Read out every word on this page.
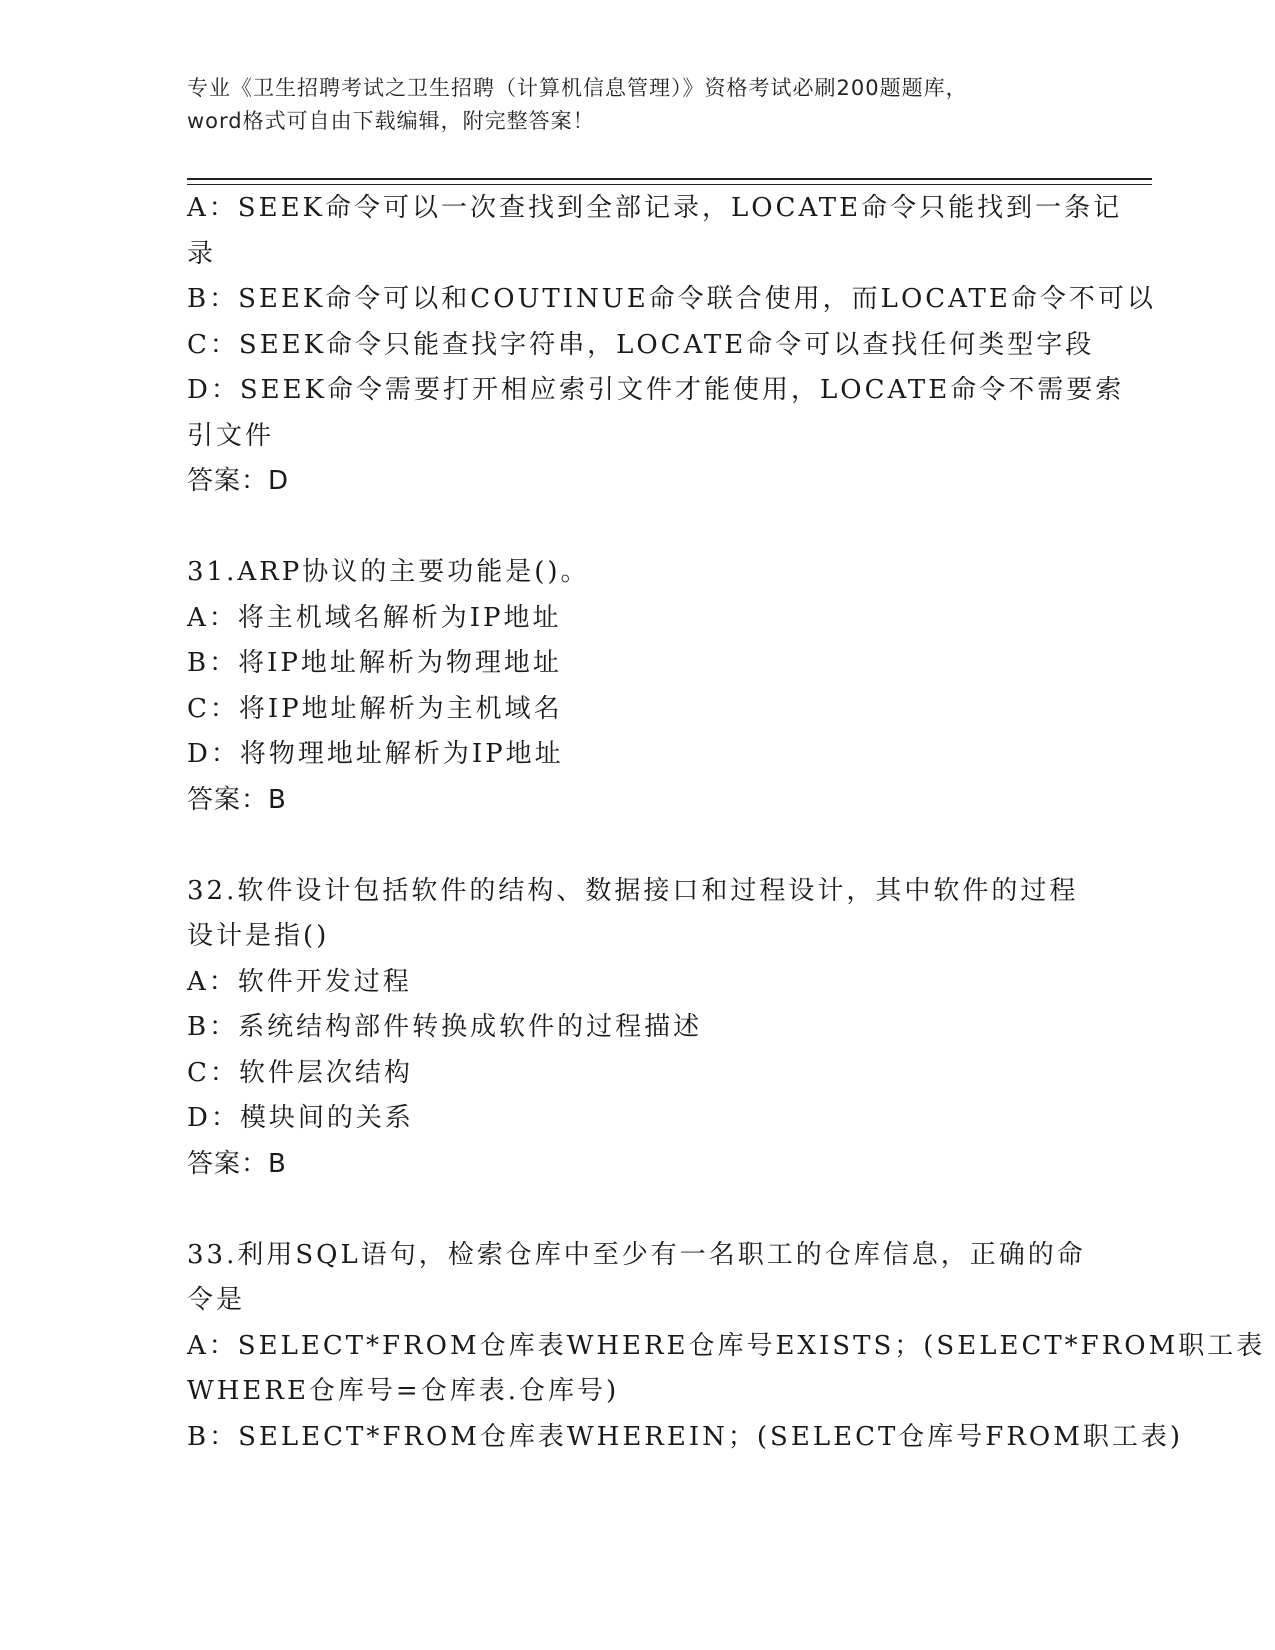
专业《卫生招聘考试之卫生招聘（计算机信息管理）》资格考试必刷200题题库，
word格式可自由下载编辑，附完整答案！
A：SEEK命令可以一次查找到全部记录，LOCATE命令只能找到一条记
录
B：SEEK命令可以和COUTINUE命令联合使用，而LOCATE命令不可以
C：SEEK命令只能查找字符串，LOCATE命令可以查找任何类型字段
D：SEEK命令需要打开相应索引文件才能使用，LOCATE命令不需要索
引文件
答案：D
31.ARP协议的主要功能是()。
A：将主机域名解析为IP地址
B：将IP地址解析为物理地址
C：将IP地址解析为主机域名
D：将物理地址解析为IP地址
答案：B
32.软件设计包括软件的结构、数据接口和过程设计，其中软件的过程
设计是指()
A：软件开发过程
B：系统结构部件转换成软件的过程描述
C：软件层次结构
D：模块间的关系
答案：B
33.利用SQL语句，检索仓库中至少有一名职工的仓库信息，正确的命
令是
A：SELECT*FROM仓库表WHERE仓库号EXISTS；(SELECT*FROM职工表
WHERE仓库号=仓库表.仓库号)
B：SELECT*FROM仓库表WHEREIN；(SELECT仓库号FROM职工表)
